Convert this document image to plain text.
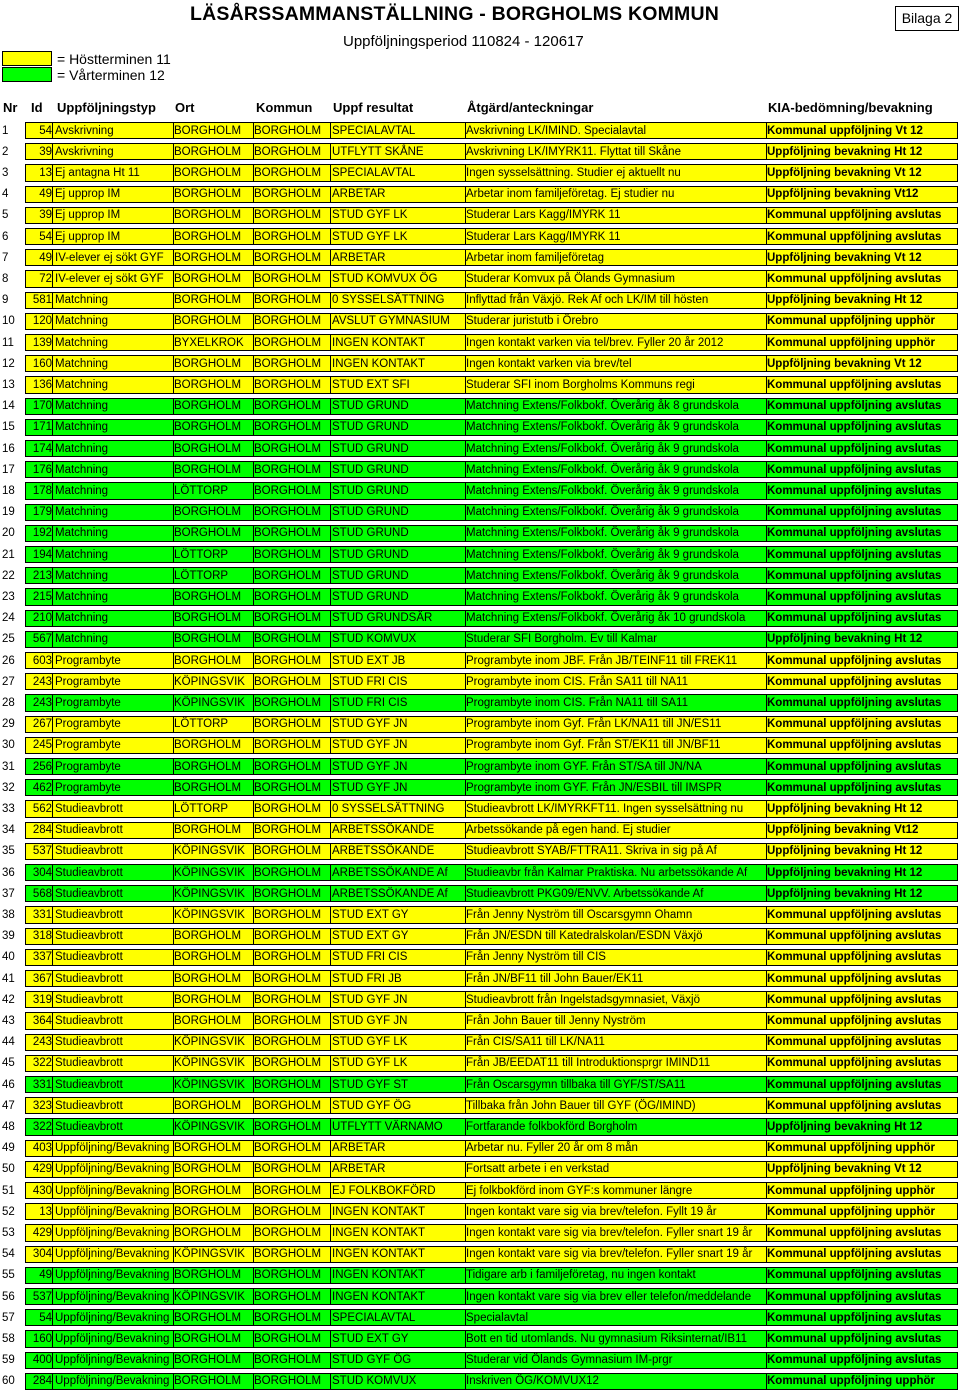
LÄSÅRSSAMMANSTÄLLNING - BORGHOLMS KOMMUN
Uppföljningsperiod 110824 - 120617
Bilaga 2
= Höstterminen 11
= Vårterminen 12
Nr Id Uppföljningstyp Ort	Kommun Uppf resultat	Åtgärd/anteckningar	KIA-bedömning/bevakning
1	54 Avskrivning	BORGHOLM	BORGHOLM SPECIALAVTAL	Avskrivning LK/IMIND. Specialavtal	Kommunal uppföljning Vt 12
2	39 Avskrivning	BORGHOLM	BORGHOLM UTFLYTT SKÅNE	Avskrivning LK/IMYRK11. Flyttat till Skåne	Uppföljning bevakning Ht 12
3	13 Ej antagna Ht 11	BORGHOLM	BORGHOLM SPECIALAVTAL	Ingen sysselsättning. Studier ej aktuellt nu	Uppföljning bevakning Vt 12
4	49 Ej upprop IM	BORGHOLM	BORGHOLM ARBETAR	Arbetar inom familjeföretag. Ej studier nu	Uppföljning bevakning Vt12
5	39 Ej upprop IM	BORGHOLM	BORGHOLM STUD GYF LK	Studerar Lars Kagg/IMYRK 11	Kommunal uppföljning avslutas
6	54 Ej upprop IM	BORGHOLM	BORGHOLM STUD GYF LK	Studerar Lars Kagg/IMYRK 11	Kommunal uppföljning avslutas
7	49 IV-elever ej sökt GYF BORGHOLM	BORGHOLM ARBETAR	Arbetar inom familjeföretag	Uppföljning bevakning Vt 12
8	72 IV-elever ej sökt GYF BORGHOLM	BORGHOLM STUD KOMVUX ÖG	Studerar Komvux på Ölands Gymnasium	Kommunal uppföljning avslutas
9	581 Matchning	BORGHOLM	BORGHOLM 0 SYSSELSÄTTNING	Inflyttad från Växjö. Rek Af och LK/IM till hösten	Uppföljning bevakning Ht 12
10	120 Matchning	BORGHOLM	BORGHOLM AVSLUT GYMNASIUM	Studerar juristutb i Örebro	Kommunal uppföljning upphör
11	139 Matchning	BYXELKROK BORGHOLM INGEN KONTAKT	Ingen kontakt varken via tel/brev. Fyller 20 år 2012	Kommunal uppföljning upphör
12	160 Matchning	BORGHOLM	BORGHOLM INGEN KONTAKT	Ingen kontakt varken via brev/tel	Uppföljning bevakning Vt 12
13	136 Matchning	BORGHOLM	BORGHOLM STUD EXT SFI	Studerar SFI inom Borgholms Kommuns regi	Kommunal uppföljning avslutas
14	170 Matchning	BORGHOLM	BORGHOLM STUD GRUND	Matchning Extens/Folkbokf. Överårig åk 8 grundskola	Kommunal uppföljning avslutas
15	171 Matchning	BORGHOLM	BORGHOLM STUD GRUND	Matchning Extens/Folkbokf. Överårig åk 9 grundskola	Kommunal uppföljning avslutas
16	174 Matchning	BORGHOLM	BORGHOLM STUD GRUND	Matchning Extens/Folkbokf. Överårig åk 9 grundskola	Kommunal uppföljning avslutas
17	176 Matchning	BORGHOLM	BORGHOLM STUD GRUND	Matchning Extens/Folkbokf. Överårig åk 9 grundskola	Kommunal uppföljning avslutas
18	178 Matchning	LÖTTORP	BORGHOLM STUD GRUND	Matchning Extens/Folkbokf. Överårig åk 9 grundskola	Kommunal uppföljning avslutas
19	179 Matchning	BORGHOLM	BORGHOLM STUD GRUND	Matchning Extens/Folkbokf. Överårig åk 9 grundskola	Kommunal uppföljning avslutas
20	192 Matchning	BORGHOLM	BORGHOLM STUD GRUND	Matchning Extens/Folkbokf. Överårig åk 9 grundskola	Kommunal uppföljning avslutas
21	194 Matchning	LÖTTORP	BORGHOLM STUD GRUND	Matchning Extens/Folkbokf. Överårig åk 9 grundskola	Kommunal uppföljning avslutas
22	213 Matchning	LÖTTORP	BORGHOLM STUD GRUND	Matchning Extens/Folkbokf. Överårig åk 9 grundskola	Kommunal uppföljning avslutas
23	215 Matchning	BORGHOLM	BORGHOLM STUD GRUND	Matchning Extens/Folkbokf. Överårig åk 9 grundskola	Kommunal uppföljning avslutas
24	210 Matchning	BORGHOLM	BORGHOLM STUD GRUNDSÄR	Matchning Extens/Folkbokf. Överårig åk 10 grundskola	Kommunal uppföljning avslutas
25	567 Matchning	BORGHOLM	BORGHOLM STUD KOMVUX	Studerar SFI Borgholm. Ev till Kalmar	Uppföljning bevakning Ht 12
26	603 Programbyte	BORGHOLM	BORGHOLM STUD EXT JB	Programbyte inom JBF. Från JB/TEINF11 till FREK11	Kommunal uppföljning avslutas
27	243 Programbyte	KÖPINGSVIK BORGHOLM STUD FRI CIS	Programbyte inom CIS. Från SA11 till NA11	Kommunal uppföljning avslutas
28	243 Programbyte	KÖPINGSVIK BORGHOLM STUD FRI CIS	Programbyte inom CIS. Från NA11 till SA11	Kommunal uppföljning avslutas
29	267 Programbyte	LÖTTORP	BORGHOLM STUD GYF JN	Programbyte inom Gyf. Från LK/NA11 till JN/ES11	Kommunal uppföljning avslutas
30	245 Programbyte	BORGHOLM	BORGHOLM STUD GYF JN	Programbyte inom Gyf. Från ST/EK11 till JN/BF11	Kommunal uppföljning avslutas
31	256 Programbyte	BORGHOLM	BORGHOLM STUD GYF JN	Programbyte inom GYF. Från ST/SA till JN/NA	Kommunal uppföljning avslutas
32	462 Programbyte	BORGHOLM	BORGHOLM STUD GYF JN	Programbyte inom GYF. Från JN/ESBIL till IMSPR	Kommunal uppföljning avslutas
33	562 Studieavbrott	LÖTTORP	BORGHOLM 0 SYSSELSÄTTNING	Studieavbrott LK/IMYRKFT11. Ingen sysselsättning nu	Uppföljning bevakning Ht 12
34	284 Studieavbrott	BORGHOLM	BORGHOLM ARBETSSÖKANDE	Arbetssökande på egen hand. Ej studier	Uppföljning bevakning Vt12
35	537 Studieavbrott	KÖPINGSVIK BORGHOLM ARBETSSÖKANDE	Studieavbrott SYAB/FTTRA11. Skriva in sig på Af	Uppföljning bevakning Ht 12
36	304 Studieavbrott	KÖPINGSVIK BORGHOLM ARBETSSÖKANDE Af	Studieavbr från Kalmar Praktiska. Nu arbetssökande Af	Uppföljning bevakning Ht 12
37	568 Studieavbrott	KÖPINGSVIK BORGHOLM ARBETSSÖKANDE Af	Studieavbrott PKG09/ENVV. Arbetssökande Af	Uppföljning bevakning Ht 12
38	331 Studieavbrott	KÖPINGSVIK BORGHOLM STUD EXT GY	Från Jenny Nyström till Oscarsgymn Ohamn	Kommunal uppföljning avslutas
39	318 Studieavbrott	BORGHOLM	BORGHOLM STUD EXT GY	Från JN/ESDN till Katedralskolan/ESDN Växjö	Kommunal uppföljning avslutas
40	337 Studieavbrott	BORGHOLM	BORGHOLM STUD FRI CIS	Från Jenny Nyström till CIS	Kommunal uppföljning avslutas
41	367 Studieavbrott	BORGHOLM	BORGHOLM STUD FRI JB	Från JN/BF11 till John Bauer/EK11	Kommunal uppföljning avslutas
42	319 Studieavbrott	BORGHOLM	BORGHOLM STUD GYF JN	Studieavbrott från Ingelstadsgymnasiet, Växjö	Kommunal uppföljning avslutas
43	364 Studieavbrott	BORGHOLM	BORGHOLM STUD GYF JN	Från John Bauer till Jenny Nyström	Kommunal uppföljning avslutas
44	243 Studieavbrott	KÖPINGSVIK BORGHOLM STUD GYF LK	Från CIS/SA11 till LK/NA11	Kommunal uppföljning avslutas
45	322 Studieavbrott	KÖPINGSVIK BORGHOLM STUD GYF LK	Från JB/EEDAT11 till Introduktionsprgr IMIND11	Kommunal uppföljning avslutas
46	331 Studieavbrott	KÖPINGSVIK BORGHOLM STUD GYF ST	Från Oscarsgymn tillbaka till GYF/ST/SA11	Kommunal uppföljning avslutas
47	323 Studieavbrott	BORGHOLM	BORGHOLM STUD GYF ÖG	Tillbaka från John Bauer till GYF (ÖG/IMIND)	Kommunal uppföljning avslutas
48	322 Studieavbrott	KÖPINGSVIK BORGHOLM UTFLYTT VÄRNAMO	Fortfarande folkbokförd Borgholm	Uppföljning bevakning Ht 12
49	403 Uppföljning/Bevakning BORGHOLM	BORGHOLM ARBETAR	Arbetar nu. Fyller 20 år om 8 mån	Kommunal uppföljning upphör
50	429 Uppföljning/Bevakning BORGHOLM	BORGHOLM ARBETAR	Fortsatt arbete i en verkstad	Uppföljning bevakning Vt 12
51	430 Uppföljning/Bevakning BORGHOLM	BORGHOLM EJ FOLKBOKFÖRD	Ej folkbokförd inom GYF:s kommuner längre	Kommunal uppföljning upphör
52	13 Uppföljning/Bevakning BORGHOLM	BORGHOLM INGEN KONTAKT	Ingen kontakt vare sig via brev/telefon. Fyllt 19 år	Kommunal uppföljning upphör
53	429 Uppföljning/Bevakning BORGHOLM	BORGHOLM INGEN KONTAKT	Ingen kontakt vare sig via brev/telefon. Fyller snart 19 år	Kommunal uppföljning avslutas
54	304 Uppföljning/Bevakning KÖPINGSVIK BORGHOLM INGEN KONTAKT	Ingen kontakt vare sig via brev/telefon. Fyller snart 19 år	Kommunal uppföljning avslutas
55	49 Uppföljning/Bevakning BORGHOLM	BORGHOLM INGEN KONTAKT	Tidigare arb i familjeföretag, nu ingen kontakt	Kommunal uppföljning avslutas
56	537 Uppföljning/Bevakning KÖPINGSVIK BORGHOLM INGEN KONTAKT	Ingen kontakt vare sig via brev eller telefon/meddelande	Kommunal uppföljning avslutas
57	54 Uppföljning/Bevakning BORGHOLM	BORGHOLM SPECIALAVTAL	Specialavtal	Kommunal uppföljning avslutas
58	160 Uppföljning/Bevakning BORGHOLM	BORGHOLM STUD EXT GY	Bott en tid utomlands. Nu gymnasium Riksinternat/IB11	Kommunal uppföljning avslutas
59	400 Uppföljning/Bevakning BORGHOLM	BORGHOLM STUD GYF ÖG	Studerar vid Ölands Gymnasium IM-prgr	Kommunal uppföljning avslutas
60	284 Uppföljning/Bevakning BORGHOLM	BORGHOLM STUD KOMVUX	Inskriven ÖG/KOMVUX12	Kommunal uppföljning upphör
